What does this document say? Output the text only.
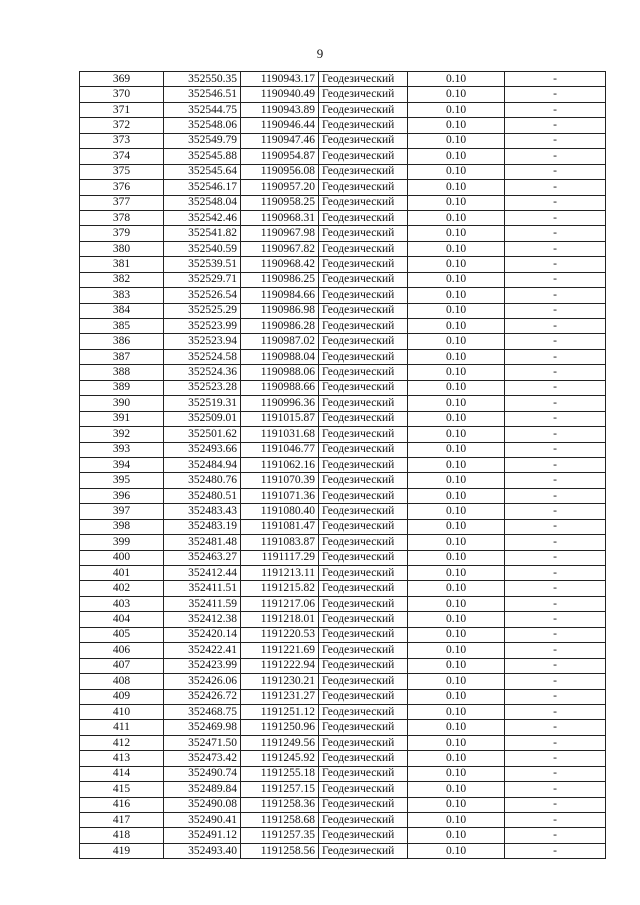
9
369	352550.35	1190943.17	Геодезический	0.10	-
370	352546.51	1190940.49	Геодезический	0.10	-
371	352544.75	1190943.89	Геодезический	0.10	-
372	352548.06	1190946.44	Геодезический	0.10	-
373	352549.79	1190947.46	Геодезический	0.10	-
374	352545.88	1190954.87	Геодезический	0.10	-
375	352545.64	1190956.08	Геодезический	0.10	-
376	352546.17	1190957.20	Геодезический	0.10	-
377	352548.04	1190958.25	Геодезический	0.10	-
378	352542.46	1190968.31	Геодезический	0.10	-
379	352541.82	1190967.98	Геодезический	0.10	-
380	352540.59	1190967.82	Геодезический	0.10	-
381	352539.51	1190968.42	Геодезический	0.10	-
382	352529.71	1190986.25	Геодезический	0.10	-
383	352526.54	1190984.66	Геодезический	0.10	-
384	352525.29	1190986.98	Геодезический	0.10	-
385	352523.99	1190986.28	Геодезический	0.10	-
386	352523.94	1190987.02	Геодезический	0.10	-
387	352524.58	1190988.04	Геодезический	0.10	-
388	352524.36	1190988.06	Геодезический	0.10	-
389	352523.28	1190988.66	Геодезический	0.10	-
390	352519.31	1190996.36	Геодезический	0.10	-
391	352509.01	1191015.87	Геодезический	0.10	-
392	352501.62	1191031.68	Геодезический	0.10	-
393	352493.66	1191046.77	Геодезический	0.10	-
394	352484.94	1191062.16	Геодезический	0.10	-
395	352480.76	1191070.39	Геодезический	0.10	-
396	352480.51	1191071.36	Геодезический	0.10	-
397	352483.43	1191080.40	Геодезический	0.10	-
398	352483.19	1191081.47	Геодезический	0.10	-
399	352481.48	1191083.87	Геодезический	0.10	-
400	352463.27	1191117.29	Геодезический	0.10	-
401	352412.44	1191213.11	Геодезический	0.10	-
402	352411.51	1191215.82	Геодезический	0.10	-
403	352411.59	1191217.06	Геодезический	0.10	-
404	352412.38	1191218.01	Геодезический	0.10	-
405	352420.14	1191220.53	Геодезический	0.10	-
406	352422.41	1191221.69	Геодезический	0.10	-
407	352423.99	1191222.94	Геодезический	0.10	-
408	352426.06	1191230.21	Геодезический	0.10	-
409	352426.72	1191231.27	Геодезический	0.10	-
410	352468.75	1191251.12	Геодезический	0.10	-
411	352469.98	1191250.96	Геодезический	0.10	-
412	352471.50	1191249.56	Геодезический	0.10	-
413	352473.42	1191245.92	Геодезический	0.10	-
414	352490.74	1191255.18	Геодезический	0.10	-
415	352489.84	1191257.15	Геодезический	0.10	-
416	352490.08	1191258.36	Геодезический	0.10	-
417	352490.41	1191258.68	Геодезический	0.10	-
418	352491.12	1191257.35	Геодезический	0.10	-
419	352493.40	1191258.56	Геодезический	0.10	-
